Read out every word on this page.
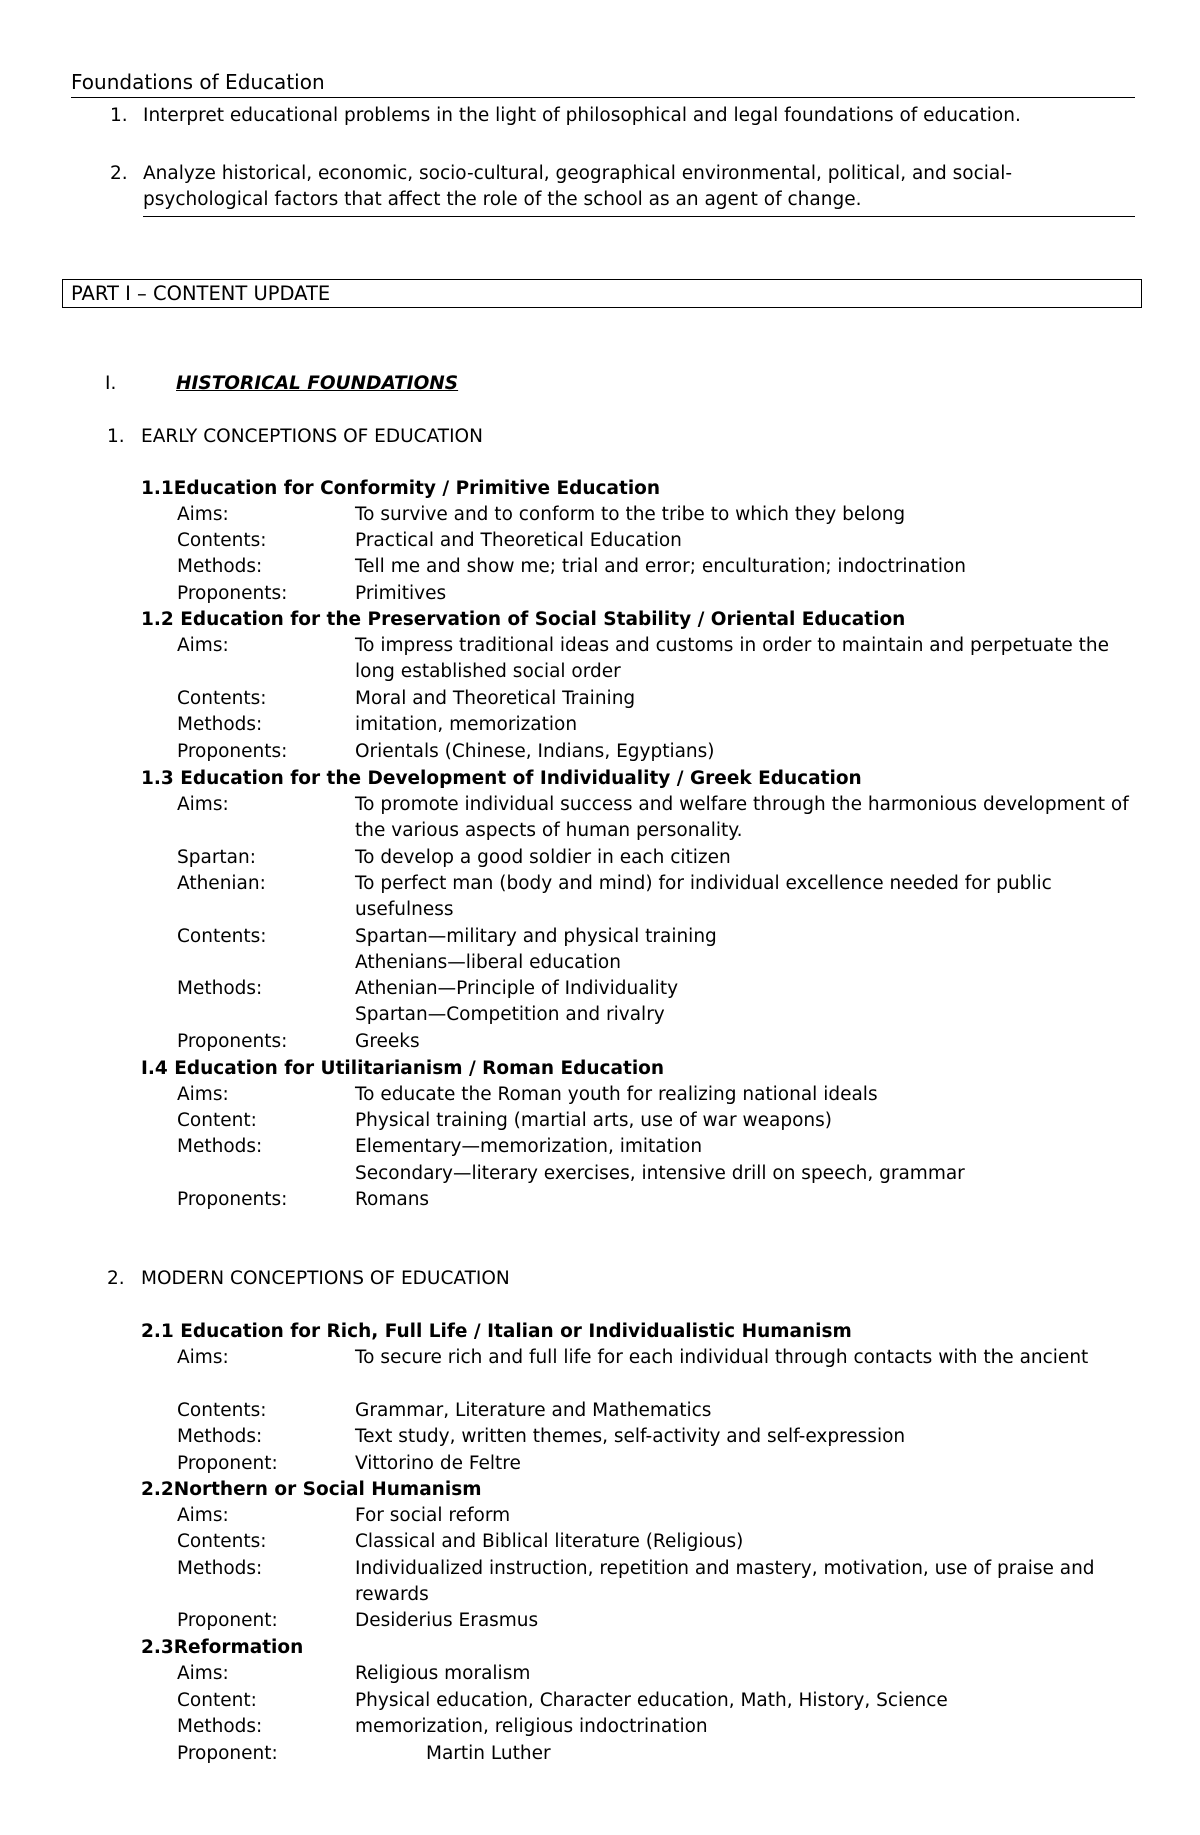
Foundations of Education
1. Interpret educational problems in the light of philosophical and legal foundations of education.
2. Analyze historical, economic, socio-cultural, geographical environmental, political, and social-psychological factors that affect the role of the school as an agent of change.
PART I – CONTENT UPDATE
I.	HISTORICAL FOUNDATIONS
1. EARLY CONCEPTIONS OF EDUCATION
1.1Education for Conformity / Primitive Education
Aims:	To survive and to conform to the tribe to which they belong
Contents:	Practical and Theoretical Education
Methods:	Tell me and show me; trial and error; enculturation; indoctrination
Proponents:	Primitives
1.2 Education for the Preservation of Social Stability / Oriental Education
Aims:	To impress traditional ideas and customs in order to maintain and perpetuate the long established social order
Contents:	Moral and Theoretical Training
Methods:	imitation, memorization
Proponents:	Orientals (Chinese, Indians, Egyptians)
1.3 Education for the Development of Individuality / Greek Education
Aims:	To promote individual success and welfare through the harmonious development of the various aspects of human personality.
Spartan:	To develop a good soldier in each citizen
Athenian:	To perfect man (body and mind) for individual excellence needed for public usefulness
Contents:	Spartan—military and physical training
Athenians—liberal education
Methods:	Athenian—Principle of Individuality
Spartan—Competition and rivalry
Proponents:	Greeks
I.4 Education for Utilitarianism / Roman Education
Aims:	To educate the Roman youth for realizing national ideals
Content:	Physical training (martial arts, use of war weapons)
Methods:	Elementary—memorization, imitation
Secondary—literary exercises, intensive drill on speech, grammar
Proponents:	Romans
2. MODERN CONCEPTIONS OF EDUCATION
2.1 Education for Rich, Full Life / Italian or Individualistic Humanism
Aims:	To secure rich and full life for each individual through contacts with the ancient
Contents:	Grammar, Literature and Mathematics
Methods:	Text study, written themes, self-activity and self-expression
Proponent:	Vittorino de Feltre
2.2Northern or Social Humanism
Aims:	For social reform
Contents:	Classical and Biblical literature (Religious)
Methods:	Individualized instruction, repetition and mastery, motivation, use of praise and rewards
Proponent:	Desiderius Erasmus
2.3Reformation
Aims:	Religious moralism
Content:	Physical education, Character education, Math, History, Science
Methods:	memorization, religious indoctrination
Proponent:	Martin Luther
